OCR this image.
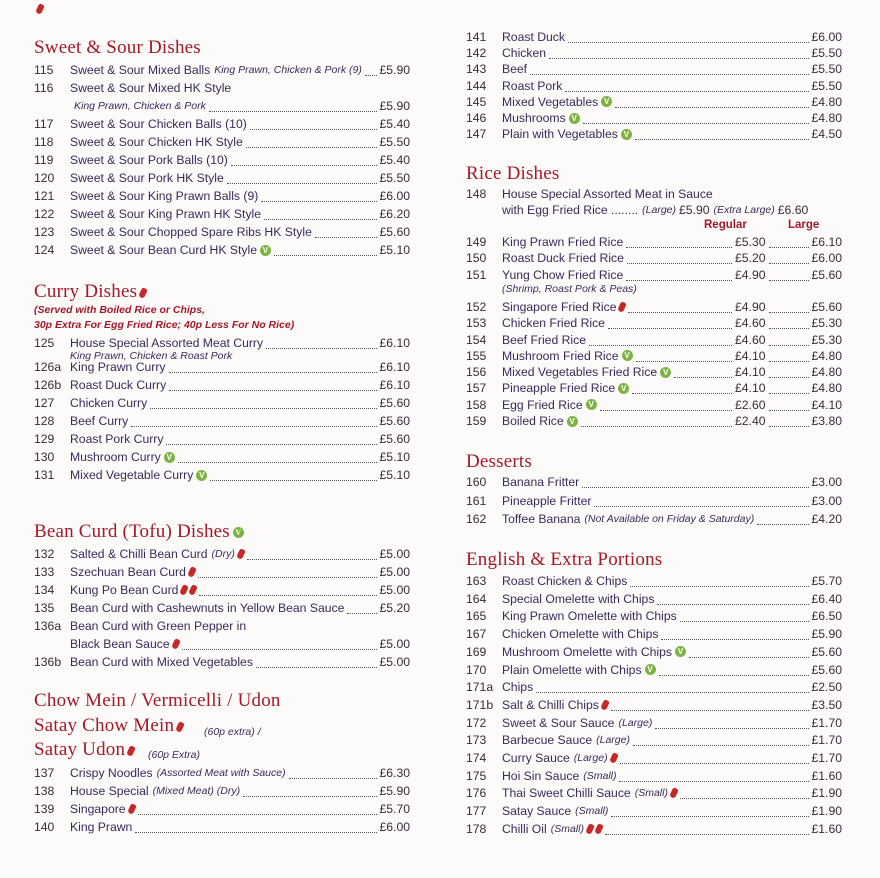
Sweet & Sour Dishes
115	Sweet & Sour Mixed Balls King Prawn, Chicken & Pork (9) £5.90
116	Sweet & Sour Mixed HK Style
King Prawn, Chicken & Pork	£5.90
117	Sweet & Sour Chicken Balls (10)	£5.40
118	Sweet & Sour Chicken HK Style	£5.50
119	Sweet & Sour Pork Balls (10)	£5.40
120	Sweet & Sour Pork HK Style	£5.50
121	Sweet & Sour King Prawn Balls (9)	£6.00
122	Sweet & Sour King Prawn HK Style	£6.20
123	Sweet & Sour Chopped Spare Ribs HK Style	£5.60
124	Sweet & Sour Bean Curd HK Style V	£5.10
Curry Dishes
(Served with Boiled Rice or Chips,
30p Extra For Egg Fried Rice; 40p Less For No Rice)
125	House Special Assorted Meat Curry	£6.10
King Prawn, Chicken & Roast Pork
126a King Prawn Curry	£6.10
126b Roast Duck Curry	£6.10
127	Chicken Curry	£5.60
128	Beef Curry	£5.60
129	Roast Pork Curry	£5.60
130	Mushroom Curry V	£5.10
131	Mixed Vegetable Curry V	£5.10
Bean Curd (Tofu) Dishes V
132	Salted & Chilli Bean Curd (Dry)	£5.00
133	Szechuan Bean Curd	£5.00
134	Kung Po Bean Curd	£5.00
135	Bean Curd with Cashewnuts in Yellow Bean Sauce	£5.20
136a Bean Curd with Green Pepper in
Black Bean Sauce	£5.00
136b Bean Curd with Mixed Vegetables	£5.00
Chow Mein / Vermicelli / Udon
Satay Chow Mein	(60p extra) /
Satay Udon	(60p Extra)
137	Crispy Noodles (Assorted Meat with Sauce)	£6.30
138	House Special (Mixed Meat) (Dry)	£5.90
139	Singapore	£5.70
140	King Prawn	£6.00
141	Roast Duck	£6.00
142	Chicken	£5.50
143	Beef	£5.50
144	Roast Pork	£5.50
145	Mixed Vegetables V	£4.80
146	Mushrooms V	£4.80
147	Plain with Vegetables V	£4.50
Rice Dishes
148	House Special Assorted Meat in Sauce
with Egg Fried Rice ........ (Large) £5.90 (Extra Large) £6.60
Regular	Large
149	King Prawn Fried Rice	£5.30	£6.10
150	Roast Duck Fried Rice	£5.20	£6.00
151	Yung Chow Fried Rice	£4.90	£5.60
(Shrimp, Roast Pork & Peas)
152	Singapore Fried Rice	£4.90	£5.60
153	Chicken Fried Rice	£4.60	£5.30
154	Beef Fried Rice	£4.60	£5.30
155	Mushroom Fried Rice V	£4.10	£4.80
156	Mixed Vegetables Fried Rice V	£4.10	£4.80
157	Pineapple Fried Rice V	£4.10	£4.80
158	Egg Fried Rice V	£2.60	£4.10
159	Boiled Rice V	£2.40	£3.80
Desserts
160	Banana Fritter	£3.00
161	Pineapple Fritter	£3.00
162	Toffee Banana (Not Available on Friday & Saturday)	£4.20
English & Extra Portions
163	Roast Chicken & Chips	£5.70
164	Special Omelette with Chips	£6.40
165	King Prawn Omelette with Chips	£6.50
167	Chicken Omelette with Chips	£5.90
169	Mushroom Omelette with Chips V	£5.60
170	Plain Omelette with Chips V	£5.60
171a Chips	£2.50
171b Salt & Chilli Chips	£3.50
172	Sweet & Sour Sauce (Large)	£1.70
173	Barbecue Sauce (Large)	£1.70
174	Curry Sauce (Large)	£1.70
175	Hoi Sin Sauce (Small)	£1.60
176	Thai Sweet Chilli Sauce (Small)	£1.90
177	Satay Sauce (Small)	£1.90
178	Chilli Oil (Small)	£1.60
